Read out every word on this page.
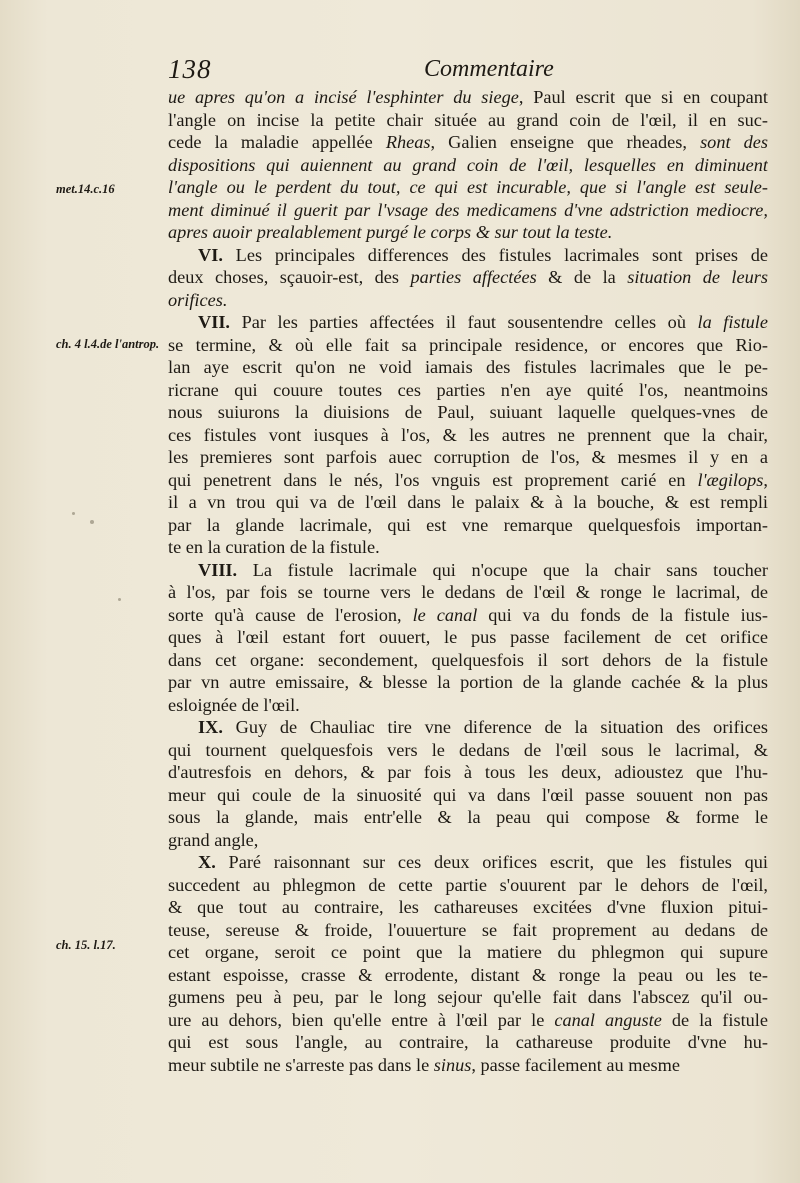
138	Commentaire
met.14.c.16
ch. 4 l.4.de l'antrop.
ch. 15. l.17.
ue apres qu'on a incisé l'esphinter du siege, Paul escrit que si en coupant
l'angle on incise la petite chair située au grand coin de l'œil, il en suc-
cede la maladie appellée Rheas, Galien enseigne que rheades, sont des
dispositions qui auiennent au grand coin de l'œil, lesquelles en diminuent
l'angle ou le perdent du tout, ce qui est incurable, que si l'angle est seule-
ment diminué il guerit par l'vsage des medicamens d'vne adstriction mediocre,
apres auoir prealablement purgé le corps & sur tout la teste.
VI. Les principales differences des fistules lacrimales sont prises de
deux choses, sçauoir-est, des parties affectées & de la situation de leurs
orifices.
VII. Par les parties affectées il faut sousentendre celles où la fistule
se termine, & où elle fait sa principale residence, or encores que Rio-
lan aye escrit qu'on ne void iamais des fistules lacrimales que le pe-
ricrane qui couure toutes ces parties n'en aye quité l'os, neantmoins
nous suiurons la diuisions de Paul, suiuant laquelle quelques-vnes de
ces fistules vont iusques à l'os, & les autres ne prennent que la chair,
les premieres sont parfois auec corruption de l'os, & mesmes il y en a
qui penetrent dans le nés, l'os vnguis est proprement carié en l'ægilops,
il a vn trou qui va de l'œil dans le palaix & à la bouche, & est rempli
par la glande lacrimale, qui est vne remarque quelquesfois importan-
te en la curation de la fistule.
VIII. La fistule lacrimale qui n'ocupe que la chair sans toucher
à l'os, par fois se tourne vers le dedans de l'œil & ronge le lacrimal, de
sorte qu'à cause de l'erosion, le canal qui va du fonds de la fistule ius-
ques à l'œil estant fort ouuert, le pus passe facilement de cet orifice
dans cet organe: secondement, quelquesfois il sort dehors de la fistule
par vn autre emissaire, & blesse la portion de la glande cachée & la plus
esloignée de l'œil.
IX. Guy de Chauliac tire vne diference de la situation des orifices
qui tournent quelquesfois vers le dedans de l'œil sous le lacrimal, &
d'autresfois en dehors, & par fois à tous les deux, adioustez que l'hu-
meur qui coule de la sinuosité qui va dans l'œil passe souuent non pas
sous la glande, mais entr'elle & la peau qui compose & forme le
grand angle,
X. Paré raisonnant sur ces deux orifices escrit, que les fistules qui
succedent au phlegmon de cette partie s'ouurent par le dehors de l'œil,
& que tout au contraire, les cathareuses excitées d'vne fluxion pitui-
teuse, sereuse & froide, l'ouuerture se fait proprement au dedans de
cet organe, seroit ce point que la matiere du phlegmon qui supure
estant espoisse, crasse & errodente, distant & ronge la peau ou les te-
gumens peu à peu, par le long sejour qu'elle fait dans l'abscez qu'il ou-
ure au dehors, bien qu'elle entre à l'œil par le canal anguste de la fistule
qui est sous l'angle, au contraire, la cathareuse produite d'vne hu-
meur subtile ne s'arreste pas dans le sinus, passe facilement au mesme
